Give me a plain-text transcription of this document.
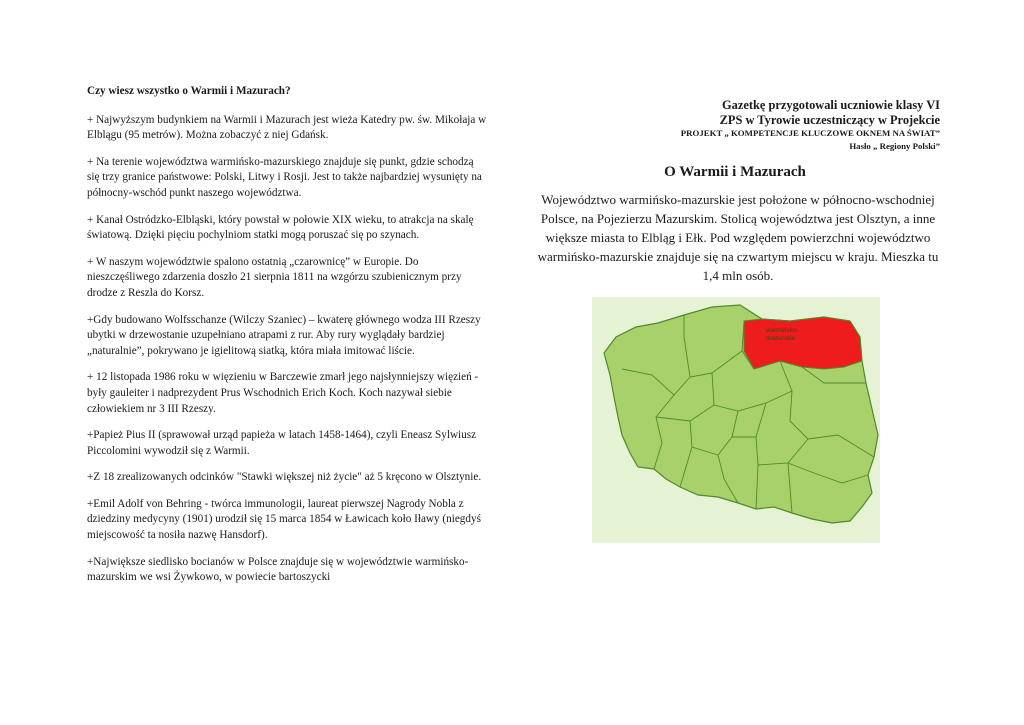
Czy wiesz wszystko o Warmii i Mazurach?

+ Najwyższym budynkiem na Warmii i Mazurach jest wieża Katedry pw. św. Mikołaja w Elblągu (95 metrów). Można zobaczyć z niej Gdańsk.

+ Na terenie województwa warmińsko-mazurskiego znajduje się punkt, gdzie schodzą się trzy granice państwowe: Polski, Litwy i Rosji. Jest to także najbardziej wysunięty na północny-wschód punkt naszego województwa.

+ Kanał Ostródzko-Elbląski, który powstał w połowie XIX wieku, to atrakcja na skalę światową. Dzięki pięciu pochylniom statki mogą poruszać się po szynach.

+ W naszym województwie spalono ostatnią „czarownicę” w Europie. Do nieszczęśliwego zdarzenia doszło 21 sierpnia 1811 na wzgórzu szubienicznym przy drodze z Reszla do Korsz.

+Gdy budowano Wolfsschanze (Wilczy Szaniec) – kwaterę głównego wodza III Rzeszy ubytki w drzewostanie uzupełniano atrapami z rur. Aby rury wyglądały bardziej „naturalnie”, pokrywano je igielitową siatką, która miała imitować liście.

+ 12 listopada 1986 roku w więzieniu w Barczewie zmarł jego najsłynniejszy więzień - były gauleiter i nadprezydent Prus Wschodnich Erich Koch. Koch nazywał siebie człowiekiem nr 3 III Rzeszy.

+Papież Pius II (sprawował urząd papieża w latach 1458-1464), czyli Eneasz Sylwiusz Piccolomini wywodził się z Warmii.

+Z 18 zrealizowanych odcinków "Stawki większej niż życie" aż 5 kręcono w Olsztynie.

+Emil Adolf von Behring - twórca immunologii, laureat pierwszej Nagrody Nobla z dziedziny medycyny (1901) urodził się 15 marca 1854 w Ławicach koło Iławy (niegdyś miejscowość ta nosiła nazwę Hansdorf).

+Największe siedlisko bocianów w Polsce znajduje się w województwie warmińsko-mazurskim we wsi Żywkowo, w powiecie bartoszycki

Gazetkę przygotowali uczniowie klasy VI
ZPS w Tyrowie uczestniczący w Projekcie
PROJEKT „ KOMPETENCJE KLUCZOWE OKNEM NA ŚWIAT”
Hasło „ Regiony Polski”
O Warmii i Mazurach
Województwo warmińsko-mazurskie jest położone w północno-wschodniej Polsce, na Pojezierzu Mazurskim. Stolicą województwa jest Olsztyn, a inne większe miasta to Elbląg i Ełk. Pod względem powierzchni województwo warmińsko-mazurskie znajduje się na czwartym miejscu w kraju. Mieszka tu 1,4 mln osób.
warmińsko-
mazurskie
